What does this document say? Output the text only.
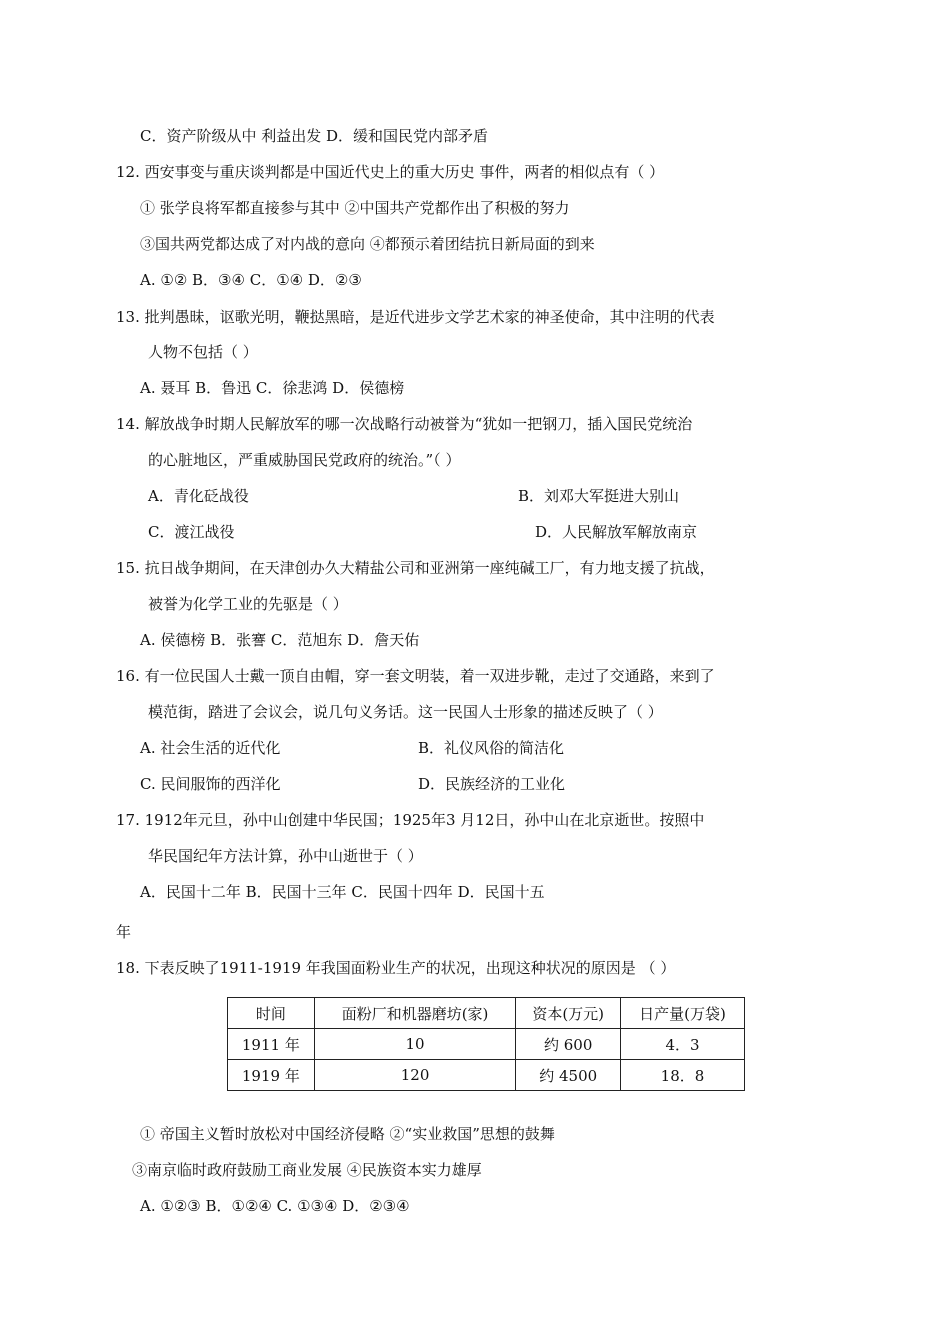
C．资产阶级从中 利益出发 D．缓和国民党内部矛盾
12. 西安事变与重庆谈判都是中国近代史上的重大历史 事件，两者的相似点有（ ）
① 张学良将军都直接参与其中 ②中国共产党都作出了积极的努力
③国共两党都达成了对内战的意向 ④都预示着团结抗日新局面的到来
A. ①② B．③④ C．①④ D．②③
13. 批判愚昧，讴歌光明，鞭挞黑暗，是近代进步文学艺术家的神圣使命，其中注明的代表
人物不包括（ ）
A. 聂耳 B．鲁迅 C．徐悲鸿 D．侯德榜
14. 解放战争时期人民解放军的哪一次战略行动被誉为“犹如一把钢刀，插入国民党统治
的心脏地区，严重威胁国民党政府的统治。”（ ）
A．青化砭战役	B．刘邓大军挺进大别山
C．渡江战役	D．人民解放军解放南京
15. 抗日战争期间，在天津创办久大精盐公司和亚洲第一座纯碱工厂，有力地支援了抗战，
被誉为化学工业的先驱是（ ）
A. 侯德榜 B．张謇 C．范旭东 D．詹天佑
16. 有一位民国人士戴一顶自由帽，穿一套文明装，着一双进步靴，走过了交通路，来到了
模范街，踏进了会议会，说几句义务话。这一民国人士形象的描述反映了（ ）
A. 社会生活的近代化	B．礼仪风俗的简洁化
C. 民间服饰的西洋化	D．民族经济的工业化
17. 1912年元旦，孙中山创建中华民国；1925年3 月12日，孙中山在北京逝世。按照中
华民国纪年方法计算，孙中山逝世于（ ）
A．民国十二年 B．民国十三年 C．民国十四年 D．民国十五
年
18. 下表反映了1911-1919 年我国面粉业生产的状况，出现这种状况的原因是 （ ）
时间	面粉厂和机器磨坊(家)	资本(万元)	日产量(万袋)
1911 年	10	约 600	4．3
1919 年	120	约 4500	18．8
① 帝国主义暂时放松对中国经济侵略 ②“实业救国”思想的鼓舞
③南京临时政府鼓励工商业发展 ④民族资本实力雄厚
A. ①②③ B．①②④ C. ①③④ D．②③④
